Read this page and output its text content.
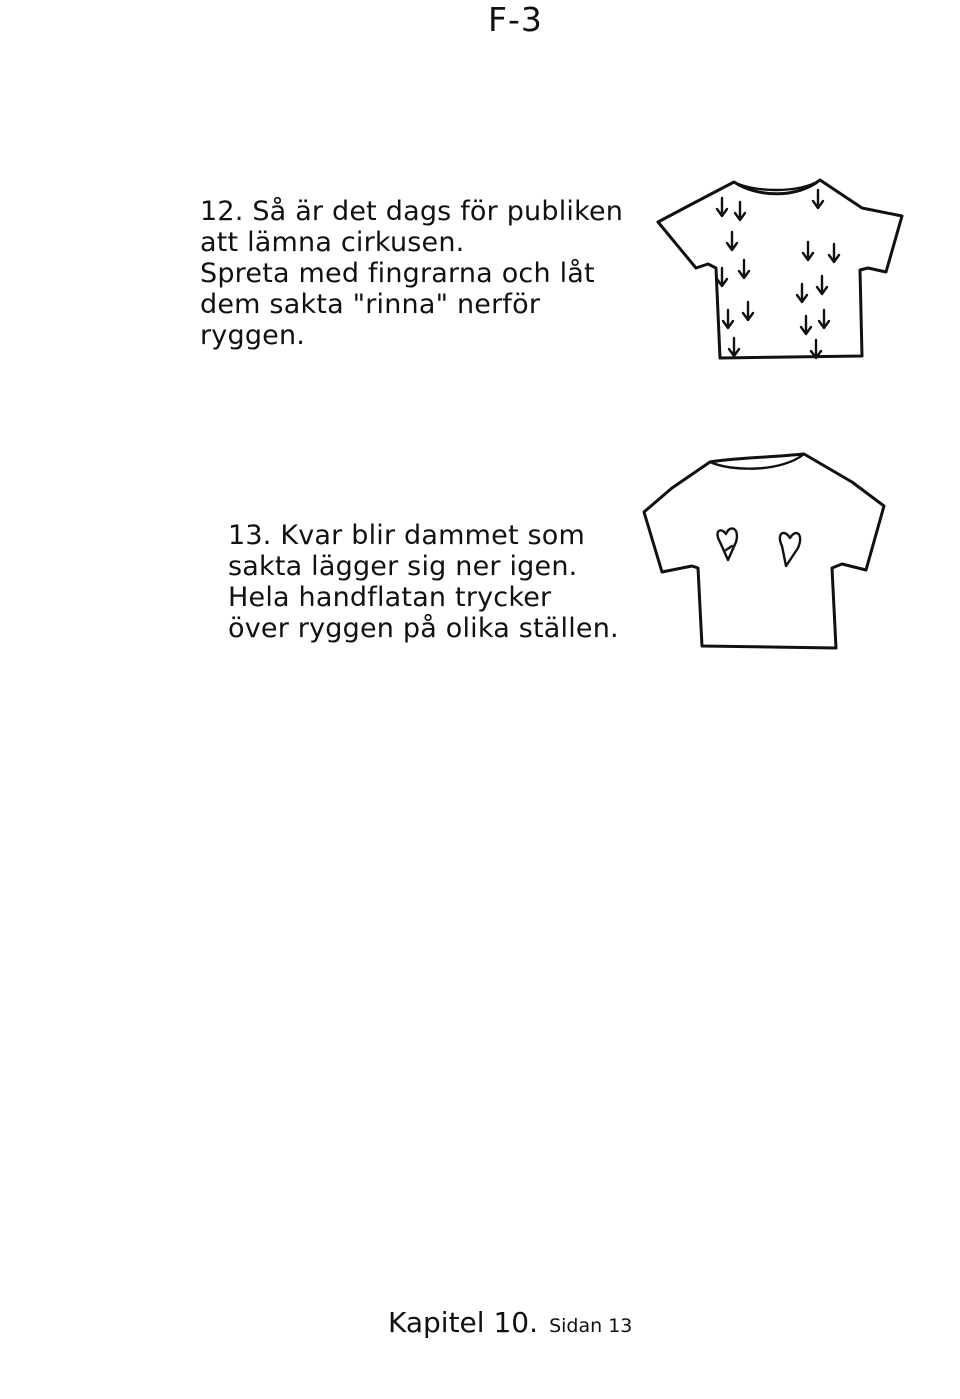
F-3
12. Så är det dags för publiken
att lämna cirkusen.
Spreta med fingrarna och låt
dem sakta "rinna" nerför
ryggen.
13. Kvar blir dammet som
sakta lägger sig ner igen.
Hela handflatan trycker
över ryggen på olika ställen.
Kapitel 10. Sidan 13
